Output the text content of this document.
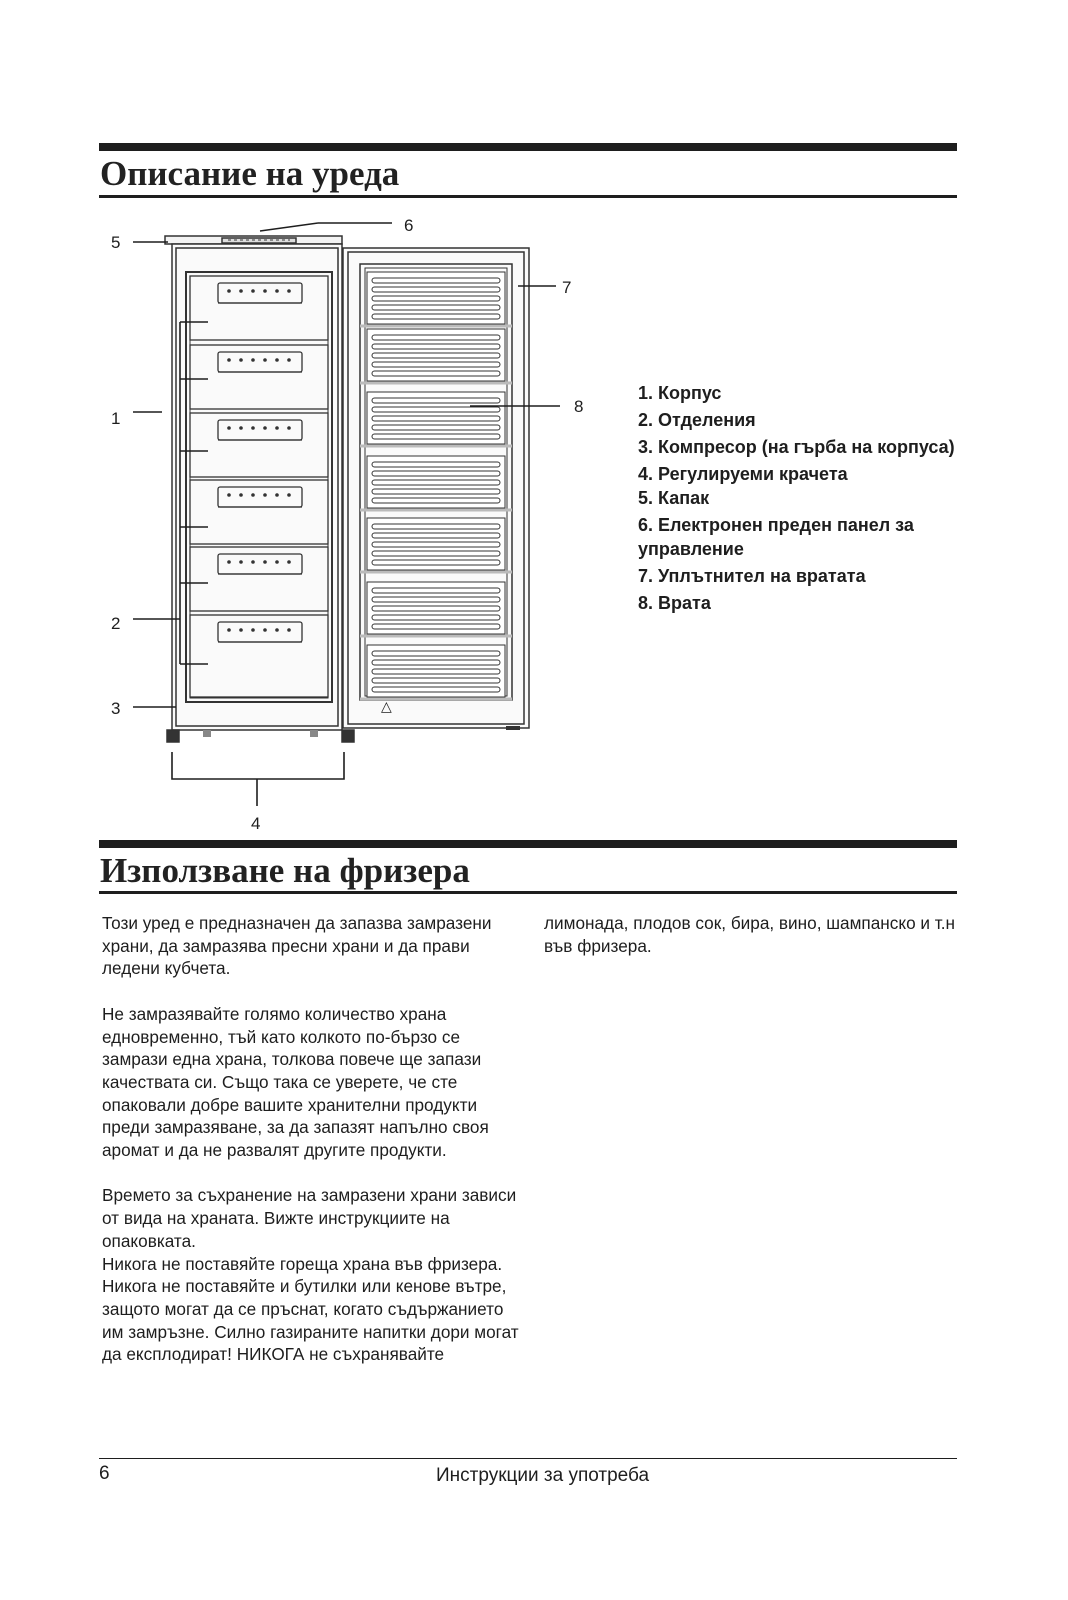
Описание на уреда
5
6
7
8
1
2
3
4
△
1. Корпус
2. Отделения
3. Компресор (на гърба на корпуса)
4. Регулируеми крачета
5. Капак
6. Електронен преден панел за управление
7. Уплътнител на вратата
8. Врата
Използване на фризера

Този уред е предназначен да запазва замразени храни, да замразява пресни храни и да прави ледени кубчета.

Не замразявайте голямо количество храна едновременно, тъй като колкото по-бързо се замрази една храна, толкова повече ще запази качествата си. Също така се уверете, че сте опаковали добре вашите хранителни продукти преди замразяване, за да запазят напълно своя аромат и да не развалят другите продукти.

Времето за съхранение на замразени храни зависи от вида на храната. Вижте инструкциите на опаковката.

Никога не поставяйте гореща храна във фризера. Никога не поставяйте и бутилки или кенове вътре, защото могат да се пръснат, когато съдържанието им замръзне. Силно газираните напитки дори могат да експлодират! НИКОГА не съхранявайте

лимонада, плодов сок, бира, вино, шампанско и т.н във фризера.

6	Инструкции за употреба
